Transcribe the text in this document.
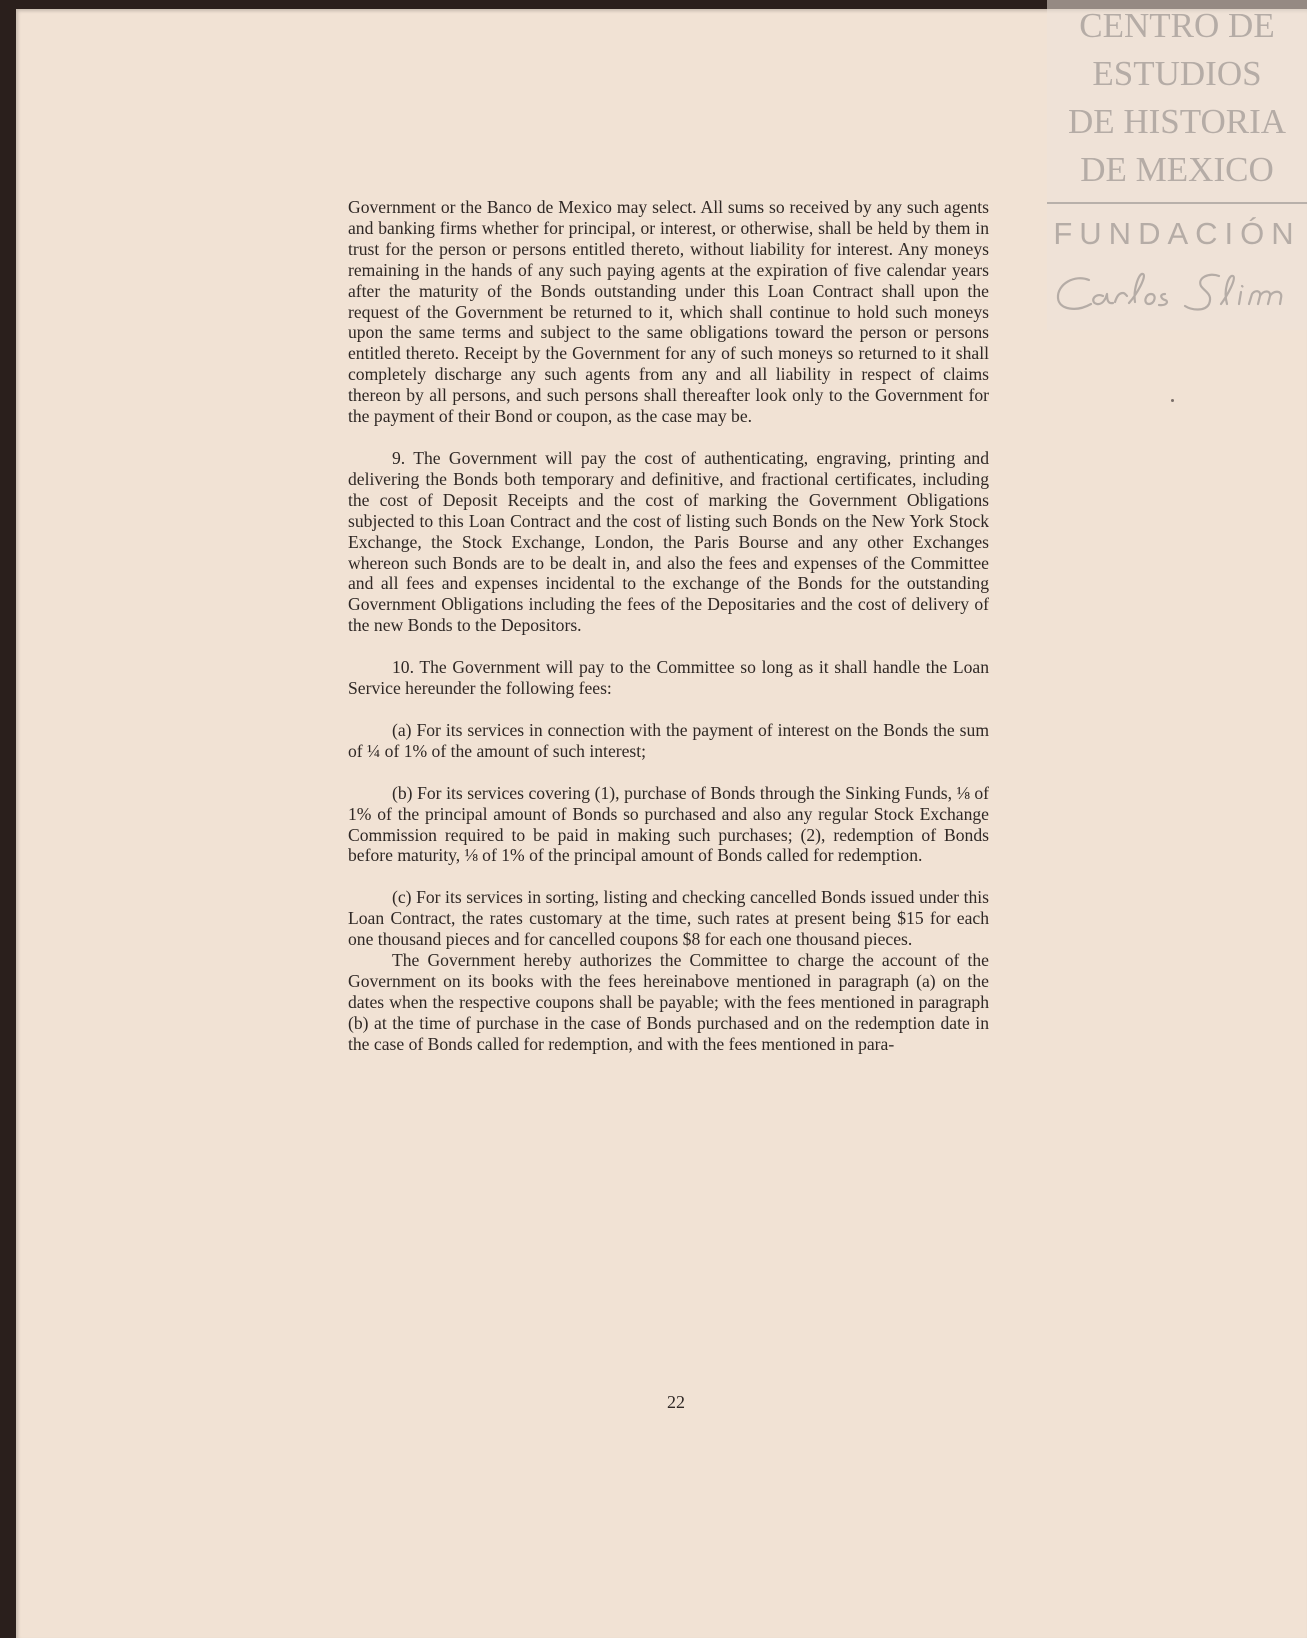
Government or the Banco de Mexico may select. All sums so received by any such agents and banking firms whether for principal, or interest, or otherwise, shall be held by them in trust for the person or persons entitled thereto, without liability for interest. Any moneys remaining in the hands of any such paying agents at the expiration of five calendar years after the maturity of the Bonds outstanding under this Loan Contract shall upon the request of the Government be returned to it, which shall continue to hold such moneys upon the same terms and subject to the same obligations toward the person or persons entitled thereto. Receipt by the Government for any of such moneys so returned to it shall completely discharge any such agents from any and all liability in respect of claims thereon by all persons, and such persons shall thereafter look only to the Government for the payment of their Bond or coupon, as the case may be.

9. The Government will pay the cost of authenticating, engraving, printing and delivering the Bonds both temporary and definitive, and fractional certificates, including the cost of Deposit Receipts and the cost of marking the Government Obligations subjected to this Loan Contract and the cost of listing such Bonds on the New York Stock Exchange, the Stock Exchange, London, the Paris Bourse and any other Exchanges whereon such Bonds are to be dealt in, and also the fees and expenses of the Committee and all fees and expenses incidental to the exchange of the Bonds for the outstanding Government Obligations including the fees of the Depositaries and the cost of delivery of the new Bonds to the Depositors.

10. The Government will pay to the Committee so long as it shall handle the Loan Service hereunder the following fees:

(a) For its services in connection with the payment of interest on the Bonds the sum of ¼ of 1% of the amount of such interest;

(b) For its services covering (1), purchase of Bonds through the Sinking Funds, ⅛ of 1% of the principal amount of Bonds so purchased and also any regular Stock Exchange Commission required to be paid in making such purchases; (2), redemption of Bonds before maturity, ⅛ of 1% of the principal amount of Bonds called for redemption.

(c) For its services in sorting, listing and checking cancelled Bonds issued under this Loan Contract, the rates customary at the time, such rates at present being $15 for each one thousand pieces and for cancelled coupons $8 for each one thousand pieces.

The Government hereby authorizes the Committee to charge the account of the Government on its books with the fees hereinabove mentioned in paragraph (a) on the dates when the respective coupons shall be payable; with the fees mentioned in paragraph (b) at the time of purchase in the case of Bonds purchased and on the redemption date in the case of Bonds called for redemption, and with the fees mentioned in para-

22
CENTRO DE
ESTUDIOS
DE HISTORIA
DE MEXICO
FUNDACIÓN
